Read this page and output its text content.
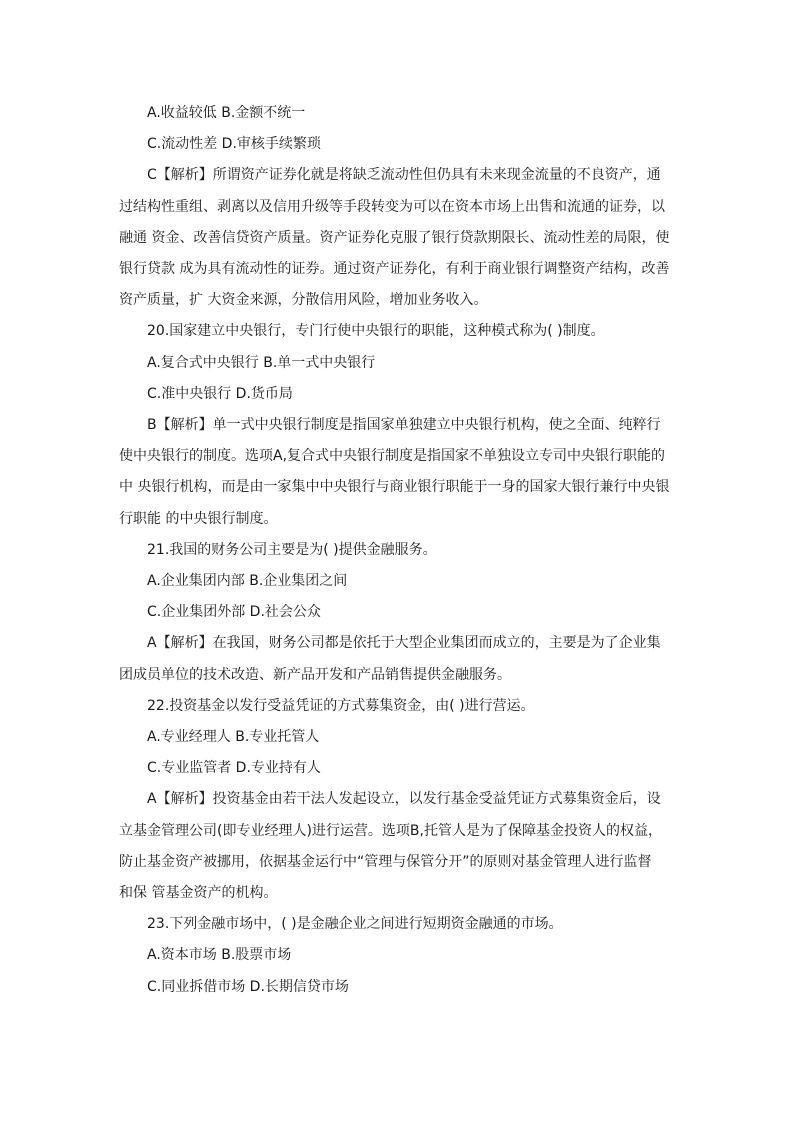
A.收益较低 B.金额不统一

C.流动性差 D.审核手续繁琐

C【解析】所谓资产证券化就是将缺乏流动性但仍具有未来现金流量的不良资产，通

过结构性重组、剥离以及信用升级等手段转变为可以在资本市场上出售和流通的证券，以

融通 资金、改善信贷资产质量。资产证券化克服了银行贷款期限长、流动性差的局限，使

银行贷款 成为具有流动性的证券。通过资产证券化，有利于商业银行调整资产结构，改善

资产质量，扩 大资金来源，分散信用风险，增加业务收入。

20.国家建立中央银行，专门行使中央银行的职能，这种模式称为( )制度。

A.复合式中央银行 B.单一式中央银行

C.准中央银行 D.货币局

B【解析】单一式中央银行制度是指国家单独建立中央银行机构，使之全面、纯粹行

使中央银行的制度。选项A,复合式中央银行制度是指国家不单独设立专司中央银行职能的

中 央银行机构，而是由一家集中中央银行与商业银行职能于一身的国家大银行兼行中央银

行职能 的中央银行制度。

21.我国的财务公司主要是为( )提供金融服务。

A.企业集团内部 B.企业集团之间

C.企业集团外部 D.社会公众

A【解析】在我国，财务公司都是依托于大型企业集团而成立的，主要是为了企业集

团成员单位的技术改造、新产品开发和产品销售提供金融服务。

22.投资基金以发行受益凭证的方式募集资金，由( )进行营运。

A.专业经理人 B.专业托管人

C.专业监管者 D.专业持有人

A【解析】投资基金由若干法人发起设立，以发行基金受益凭证方式募集资金后，设

立基金管理公司(即专业经理人)进行运营。选项B,托管人是为了保障基金投资人的权益，

防止基金资产被挪用，依据基金运行中“管理与保管分开”的原则对基金管理人进行监督

和保 管基金资产的机构。

23.下列金融市场中，( )是金融企业之间进行短期资金融通的市场。

A.资本市场 B.股票市场

C.同业拆借市场 D.长期信贷市场
